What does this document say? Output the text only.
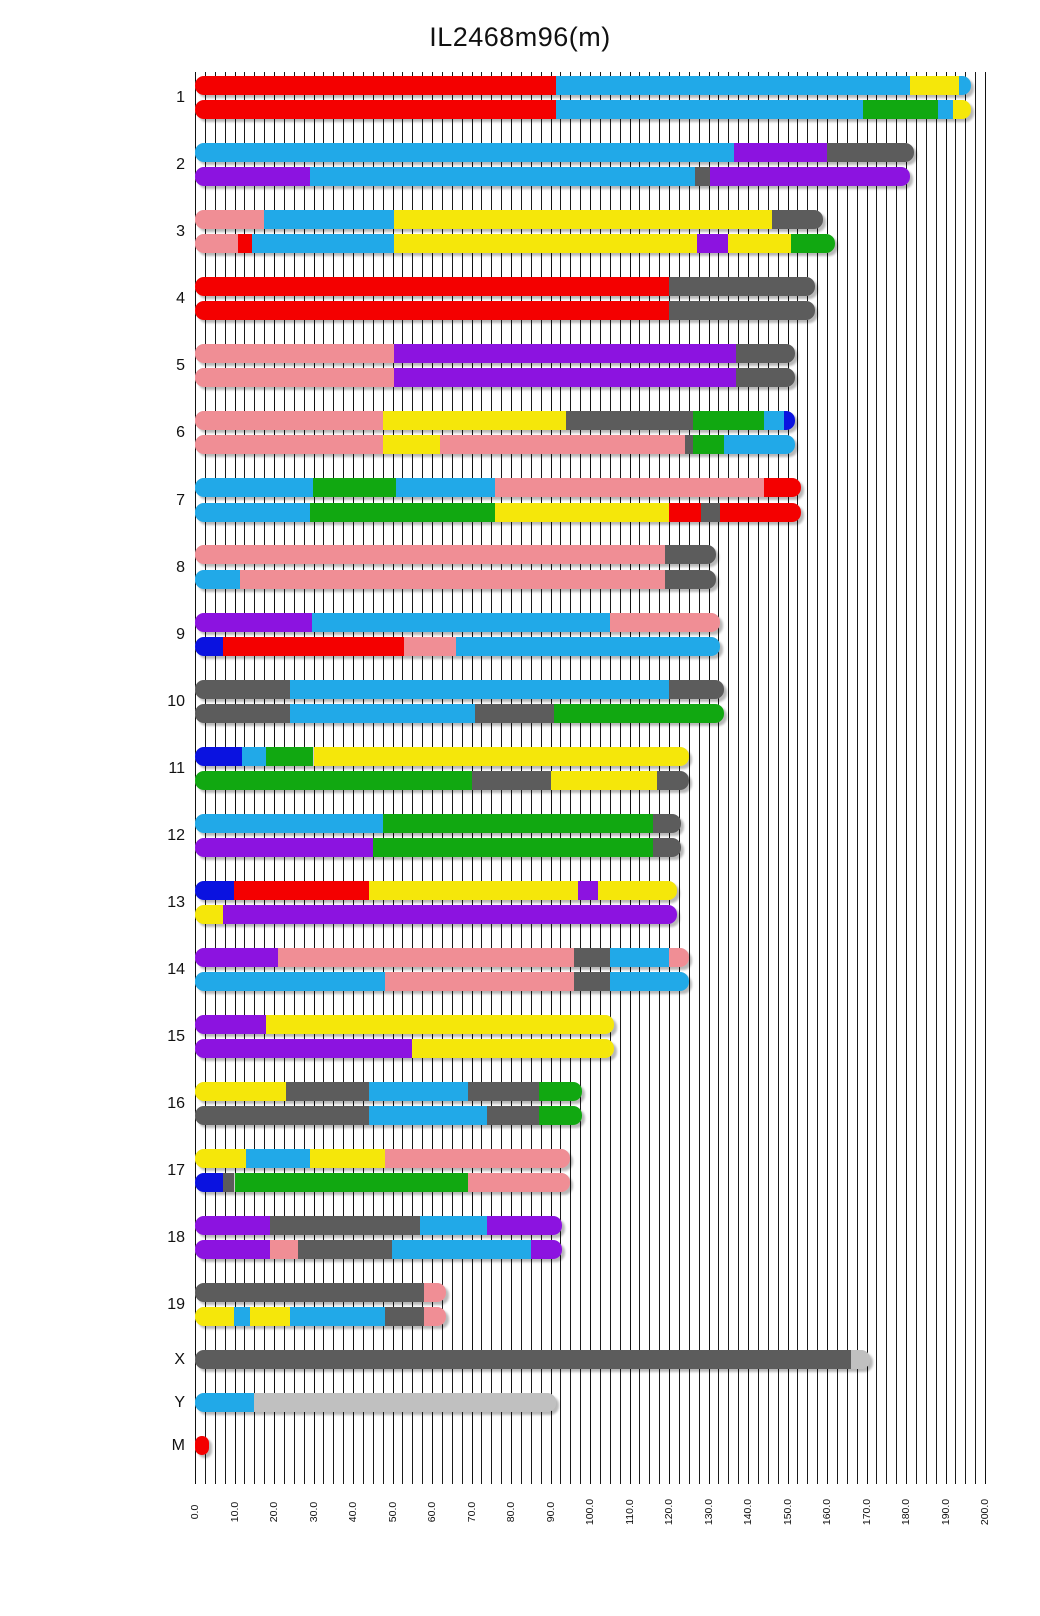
IL2468m96(m)
0.0	10.0	20.0	30.0	40.0	50.0	60.0	70.0	80.0	90.0	100.0	110.0	120.0	130.0	140.0	150.0	160.0	170.0	180.0	190.0	200.0
1
2
3
4
5
6
7
8
9
10
11
12
13
14
15
16
17
18
19
X
Y
M
